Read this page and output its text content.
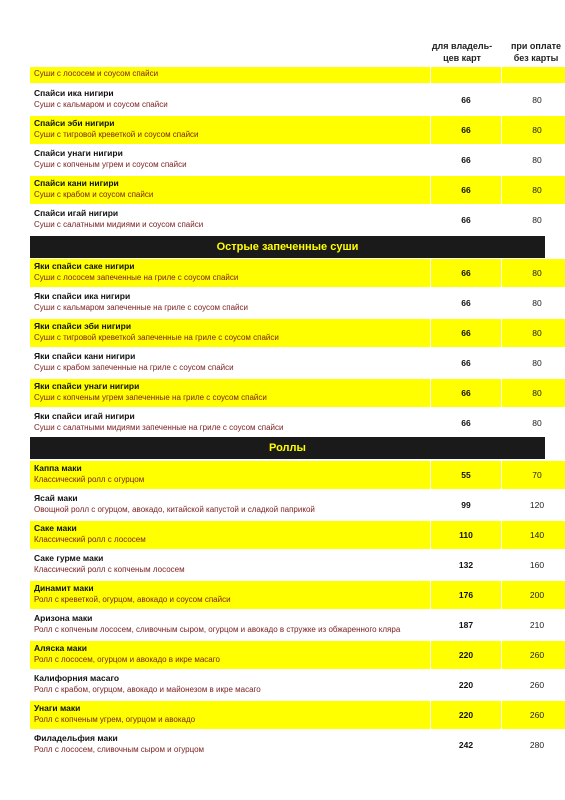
для владель-
цев карт
при оплате
без карты
Суши с лососем и соусом спайси
Спайси ика нигири
Суши с кальмаром и соусом спайси	66	80
Спайси эби нигири
Суши с тигровой креветкой и соусом спайси	66	80
Спайси унаги нигири
Суши с копченым угрем и соусом спайси	66	80
Спайси кани нигири
Суши с крабом и соусом спайси	66	80
Спайси игай нигири
Суши с салатными мидиями и соусом спайси	66	80
Острые запеченные суши
Яки спайси саке нигири
Суши с лососем запеченные на гриле с соусом спайси	66	80
Яки спайси ика нигири
Суши с кальмаром запеченные на гриле с соусом спайси	66	80
Яки спайси эби нигири
Суши с тигровой креветкой запеченные на гриле с соусом спайси	66	80
Яки спайси кани нигири
Суши с крабом запеченные на гриле с соусом спайси	66	80
Яки спайси унаги нигири
Суши с копченым угрем запеченные на гриле с соусом спайси	66	80
Яки спайси игай нигири
Суши с салатными мидиями запеченные на гриле с соусом спайси	66	80
Роллы
Каппа маки
Классический ролл с огурцом	55	70
Ясай маки
Овощной ролл с огурцом, авокадо, китайской капустой и сладкой паприкой	99	120
Саке маки
Классический ролл с лососем	110	140
Саке гурме маки
Классический ролл с копченым лососем	132	160
Динамит маки
Ролл с креветкой, огурцом, авокадо и соусом спайси	176	200
Аризона маки
Ролл с копченым лососем, сливочным сыром, огурцом и авокадо в стружке из обжаренного кляра	187	210
Аляска маки
Ролл с лососем, огурцом и авокадо в икре масаго	220	260
Калифорния масаго
Ролл с крабом, огурцом, авокадо и майонезом в икре масаго	220	260
Унаги маки
Ролл с копченым угрем, огурцом и авокадо	220	260
Филадельфия маки
Ролл с лососем, сливочным сыром и огурцом	242	280
